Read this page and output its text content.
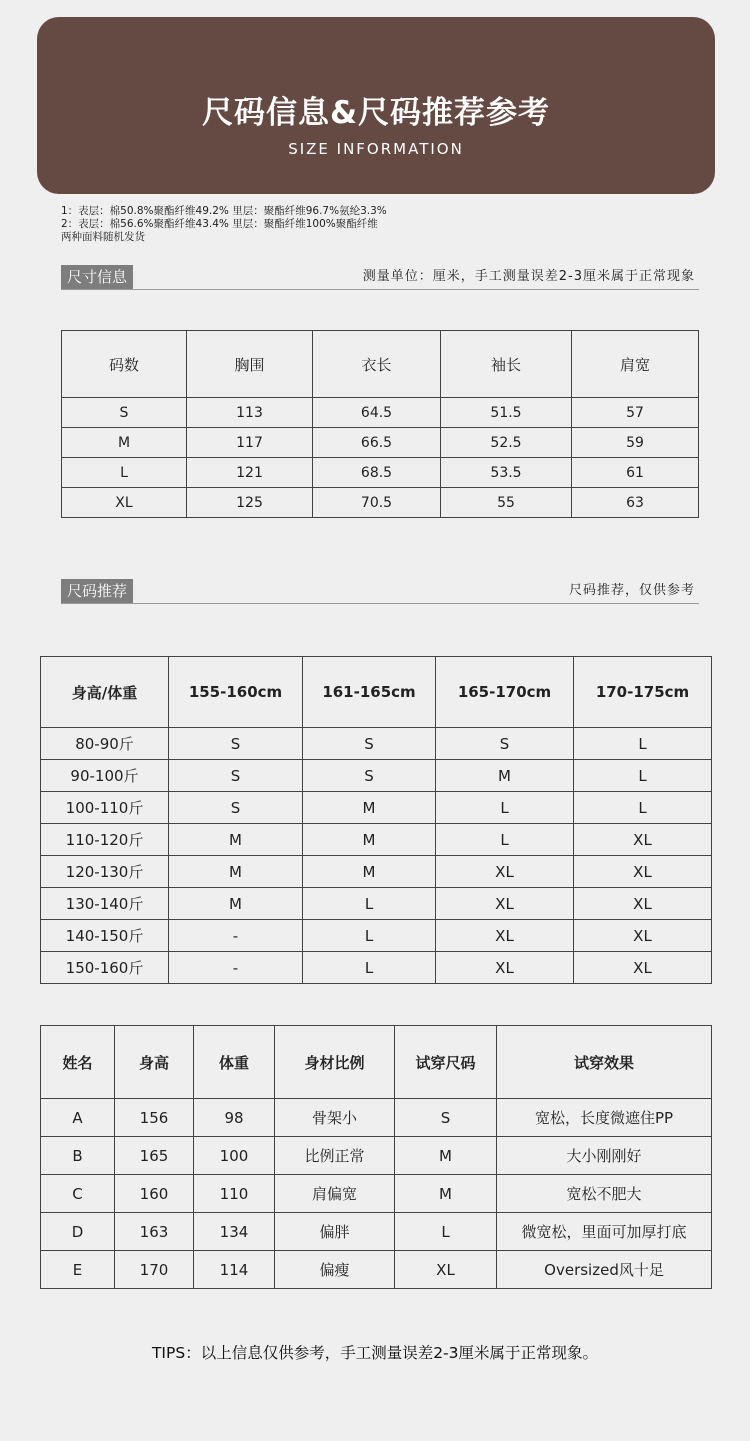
尺码信息&尺码推荐参考
SIZE INFORMATION
1：表层：棉50.8%聚酯纤维49.2% 里层：聚酯纤维96.7%氨纶3.3%
2：表层：棉56.6%聚酯纤维43.4% 里层：聚酯纤维100%聚酯纤维
两种面料随机发货
尺寸信息	测量单位：厘米，手工测量误差2-3厘米属于正常现象
码数	胸围	衣长	袖长	肩宽
S	113	64.5	51.5	57
M	117	66.5	52.5	59
L	121	68.5	53.5	61
XL	125	70.5	55	63
尺码推荐	尺码推荐，仅供参考
身高/体重	155-160cm	161-165cm	165-170cm	170-175cm
80-90斤	S	S	S	L
90-100斤	S	S	M	L
100-110斤	S	M	L	L
110-120斤	M	M	L	XL
120-130斤	M	M	XL	XL
130-140斤	M	L	XL	XL
140-150斤	-	L	XL	XL
150-160斤	-	L	XL	XL
姓名	身高	体重	身材比例	试穿尺码	试穿效果
A	156	98	骨架小	S	宽松，长度微遮住PP
B	165	100	比例正常	M	大小刚刚好
C	160	110	肩偏宽	M	宽松不肥大
D	163	134	偏胖	L	微宽松，里面可加厚打底
E	170	114	偏瘦	XL	Oversized风十足
TIPS：以上信息仅供参考，手工测量误差2-3厘米属于正常现象。
